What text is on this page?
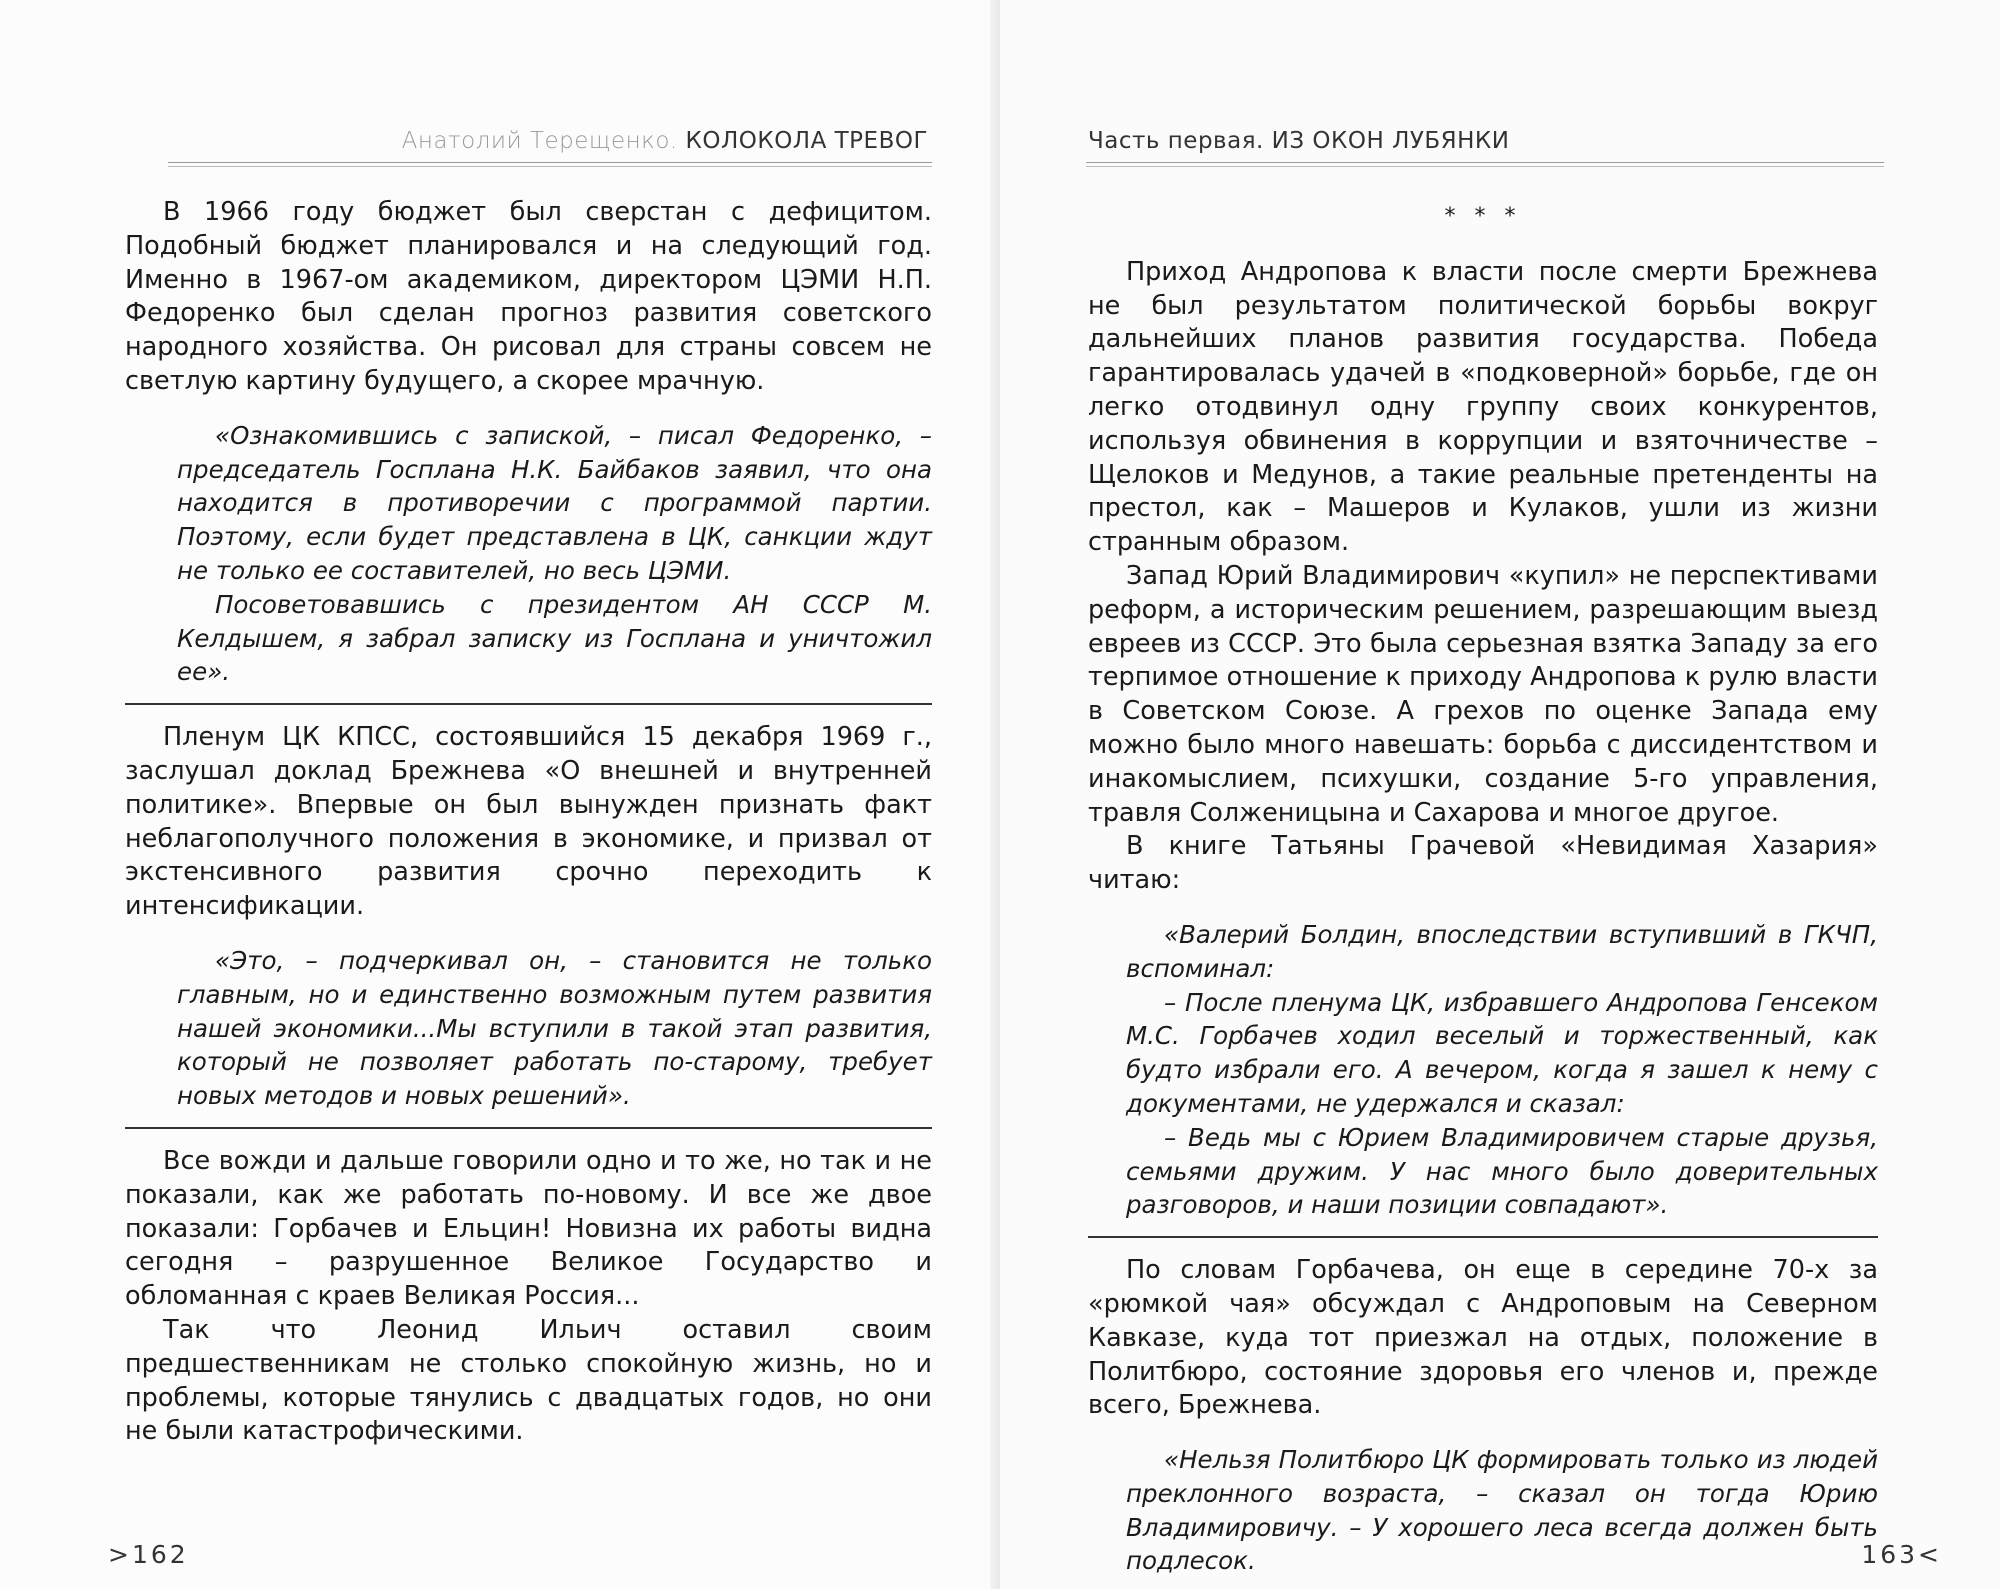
Анатолий Терещенко. КОЛОКОЛА ТРЕВОГ

В 1966 году бюджет был сверстан с дефицитом. Подобный бюджет планировался и на следующий год. Именно в 1967-ом академиком, директором ЦЭМИ Н.П. Федоренко был сделан прогноз развития советского народного хозяйства. Он рисовал для страны совсем не светлую картину будущего, а скорее мрачную.

«Ознакомившись с запиской, – писал Федоренко, – председатель Госплана Н.К. Байбаков заявил, что она находится в противоречии с программой партии. Поэтому, если будет представлена в ЦК, санкции ждут не только ее составителей, но весь ЦЭМИ.

Посоветовавшись с президентом АН СССР М. Келдышем, я забрал записку из Госплана и уничтожил ее».

Пленум ЦК КПСС, состоявшийся 15 декабря 1969 г., заслушал доклад Брежнева «О внешней и внутренней политике». Впервые он был вынужден признать факт неблагополучного положения в экономике, и призвал от экстенсивного развития срочно переходить к интенсификации.

«Это, – подчеркивал он, – становится не только главным, но и единственно возможным путем развития нашей экономики...Мы вступили в такой этап развития, который не позволяет работать по-старому, требует новых методов и новых решений».

Все вожди и дальше говорили одно и то же, но так и не показали, как же работать по-новому. И все же двое показали: Горбачев и Ельцин! Новизна их работы видна сегодня – разрушенное Великое Государство и обломанная с краев Великая Россия...

Так что Леонид Ильич оставил своим предшественникам не столько спокойную жизнь, но и проблемы, которые тянулись с двадцатых годов, но они не были катастрофическими.

>162
Часть первая. ИЗ ОКОН ЛУБЯНКИ
* * *

Приход Андропова к власти после смерти Брежнева не был результатом политической борьбы вокруг дальнейших планов развития государства. Победа гарантировалась удачей в «подковерной» борьбе, где он легко отодвинул одну группу своих конкурентов, используя обвинения в коррупции и взяточничестве – Щелоков и Медунов, а такие реальные претенденты на престол, как – Машеров и Кулаков, ушли из жизни странным образом.

Запад Юрий Владимирович «купил» не перспективами реформ, а историческим решением, разрешающим выезд евреев из СССР. Это была серьезная взятка Западу за его терпимое отношение к приходу Андропова к рулю власти в Советском Союзе. А грехов по оценке Запада ему можно было много навешать: борьба с диссидентством и инакомыслием, психушки, создание 5-го управления, травля Солженицына и Сахарова и многое другое.

В книге Татьяны Грачевой «Невидимая Хазария» читаю:

«Валерий Болдин, впоследствии вступивший в ГКЧП, вспоминал:

– После пленума ЦК, избравшего Андропова Генсеком М.С. Горбачев ходил веселый и торжественный, как будто избрали его. А вечером, когда я зашел к нему с документами, не удержался и сказал:

– Ведь мы с Юрием Владимировичем старые друзья, семьями дружим. У нас много было доверительных разговоров, и наши позиции совпадают».

По словам Горбачева, он еще в середине 70-х за «рюмкой чая» обсуждал с Андроповым на Северном Кавказе, куда тот приезжал на отдых, положение в Политбюро, состояние здоровья его членов и, прежде всего, Брежнева.

«Нельзя Политбюро ЦК формировать только из людей преклонного возраста, – сказал он тогда Юрию Владимировичу. – У хорошего леса всегда должен быть подлесок.	163<
